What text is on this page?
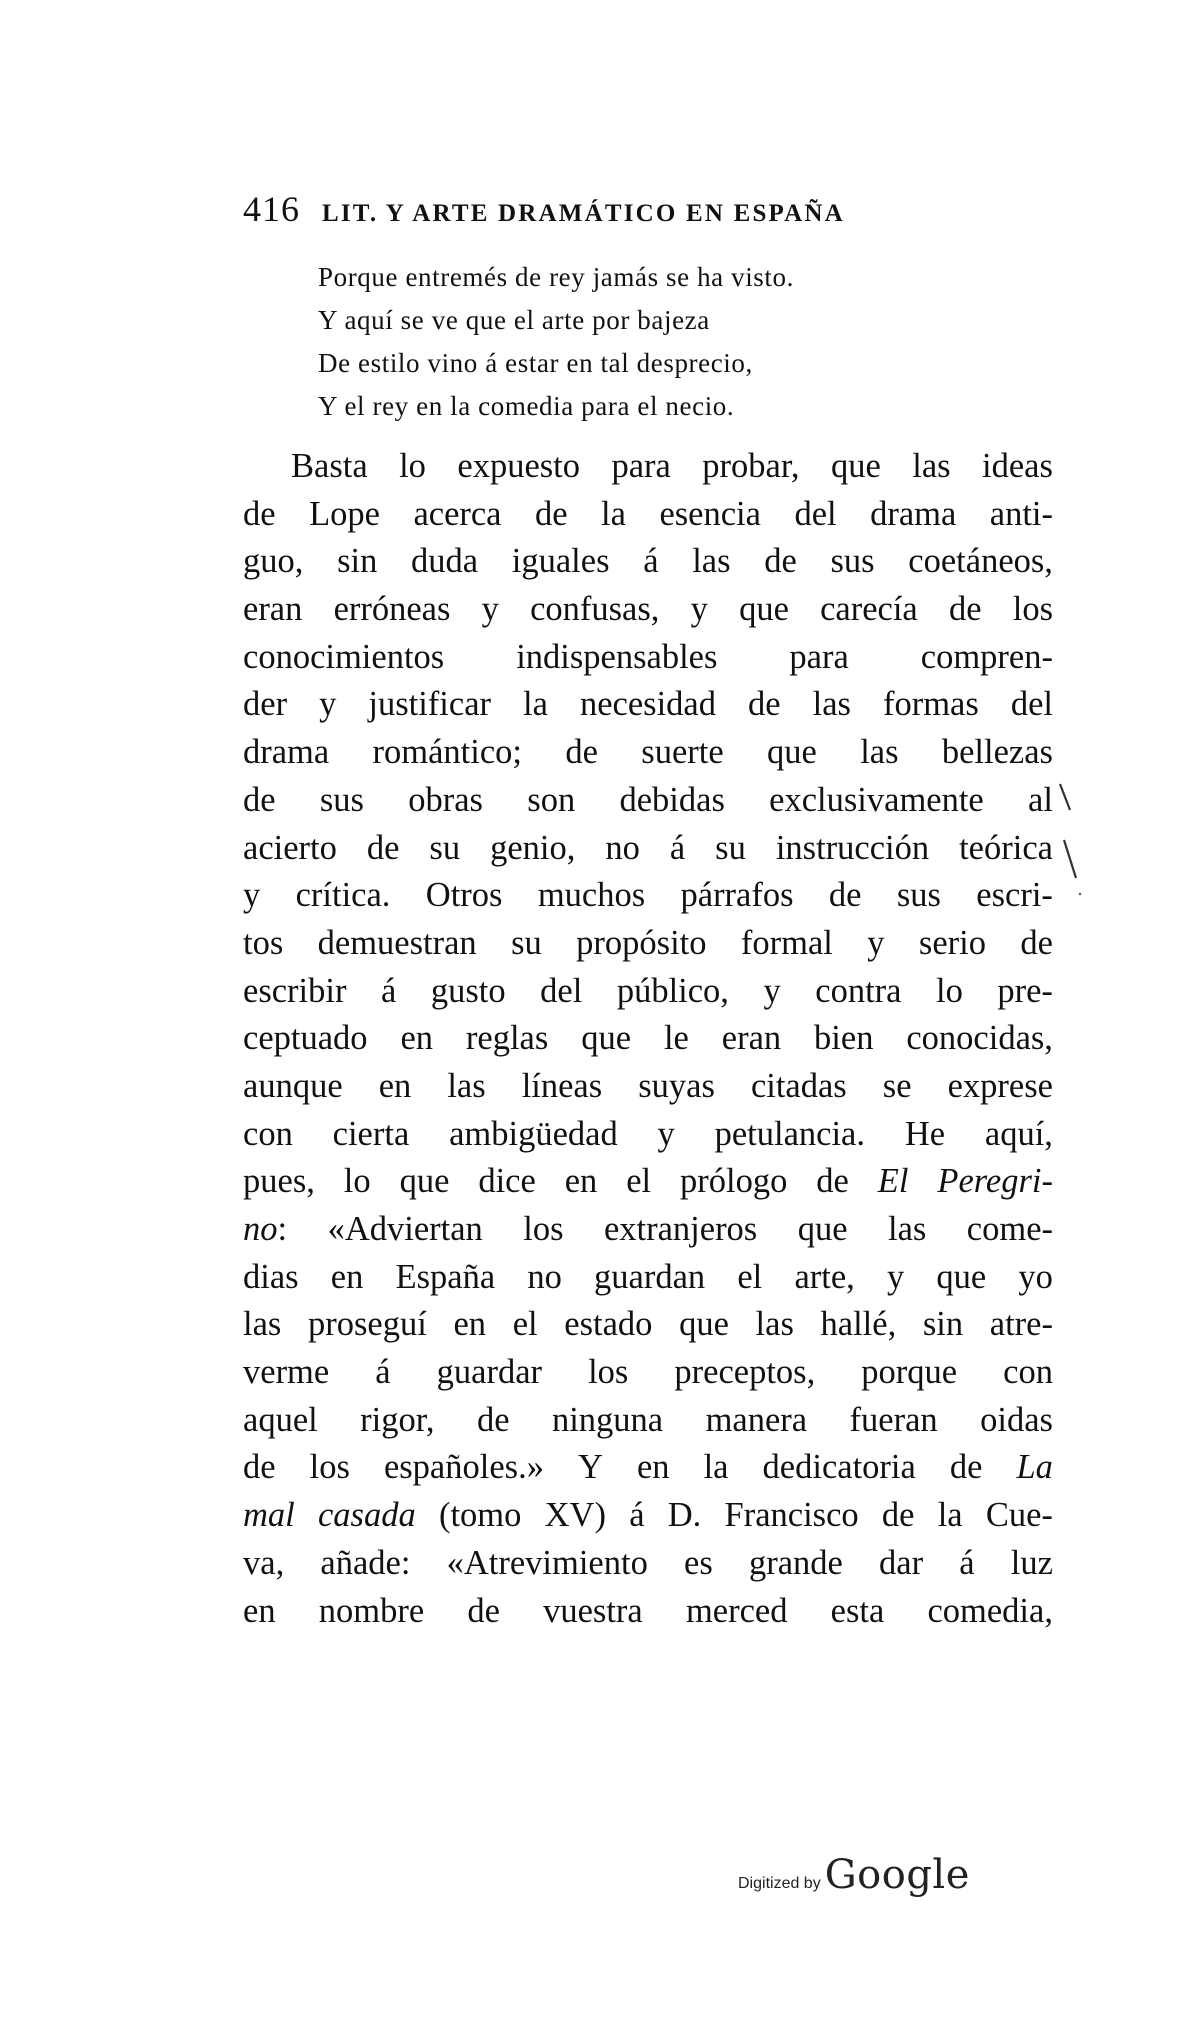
416 LIT. Y ARTE DRAMÁTICO EN ESPAÑA
Porque entremés de rey jamás se ha visto.
Y aquí se ve que el arte por bajeza
De estilo vino á estar en tal desprecio,
Y el rey en la comedia para el necio.
Basta lo expuesto para probar, que las ideas
de Lope acerca de la esencia del drama anti-
guo, sin duda iguales á las de sus coetáneos,
eran erróneas y confusas, y que carecía de los
conocimientos indispensables para compren-
der y justificar la necesidad de las formas del
drama romántico; de suerte que las bellezas
de sus obras son debidas exclusivamente al
acierto de su genio, no á su instrucción teórica
y crítica. Otros muchos párrafos de sus escri-
tos demuestran su propósito formal y serio de
escribir á gusto del público, y contra lo pre-
ceptuado en reglas que le eran bien conocidas,
aunque en las líneas suyas citadas se exprese
con cierta ambigüedad y petulancia. He aquí,
pues, lo que dice en el prólogo de El Peregri-
no: «Adviertan los extranjeros que las come-
dias en España no guardan el arte, y que yo
las proseguí en el estado que las hallé, sin atre-
verme á guardar los preceptos, porque con
aquel rigor, de ninguna manera fueran oidas
de los españoles.» Y en la dedicatoria de La
mal casada (tomo XV) á D. Francisco de la Cue-
va, añade: «Atrevimiento es grande dar á luz
en nombre de vuestra merced esta comedia,
Digitized by Google
